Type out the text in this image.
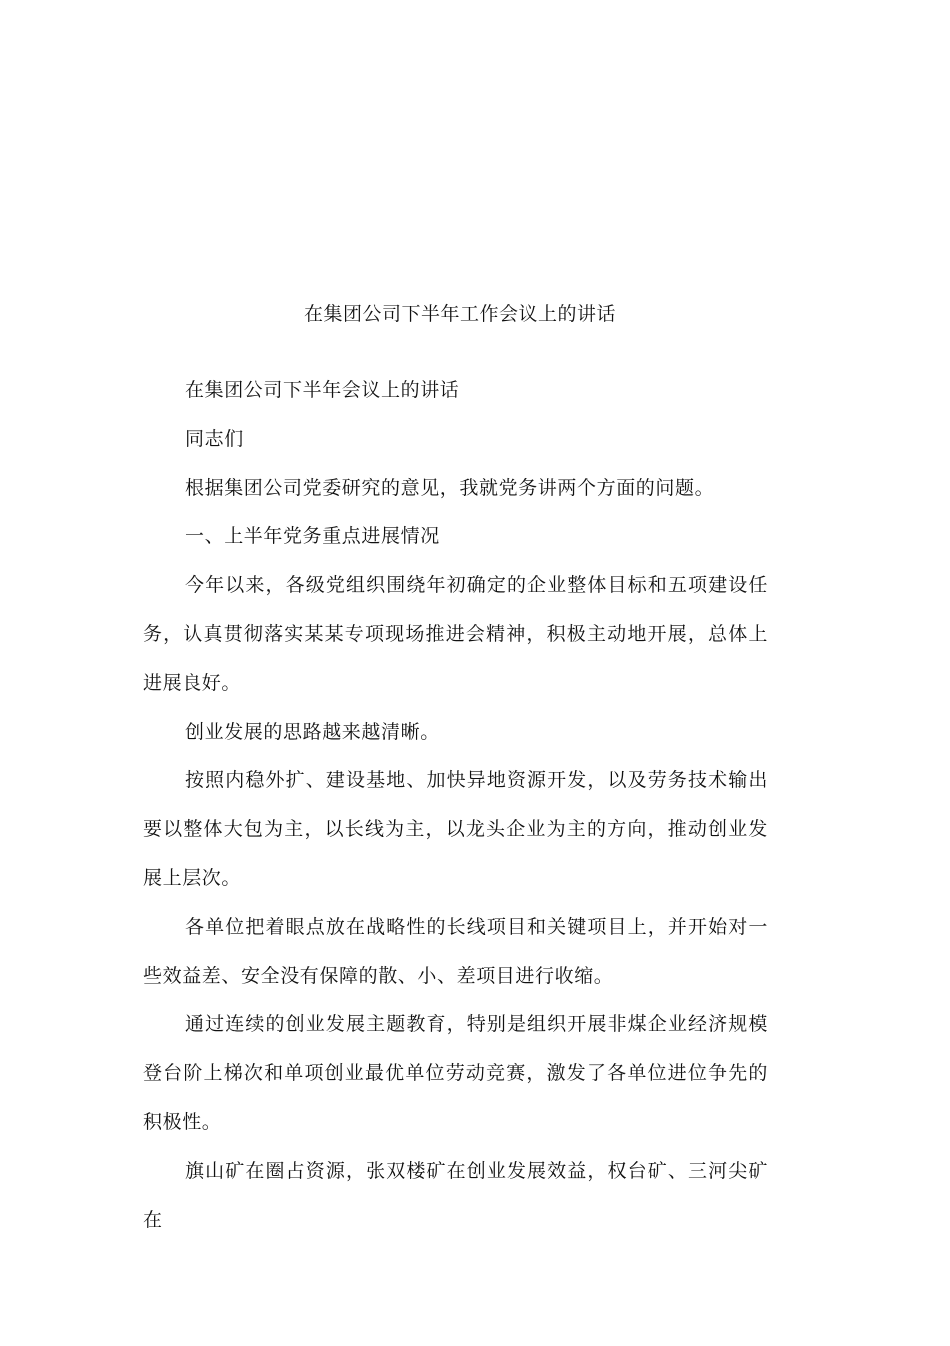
在集团公司下半年工作会议上的讲话

在集团公司下半年会议上的讲话

同志们

根据集团公司党委研究的意见，我就党务讲两个方面的问题。

一、上半年党务重点进展情况

今年以来，各级党组织围绕年初确定的企业整体目标和五项建设任务，认真贯彻落实某某专项现场推进会精神，积极主动地开展，总体上进展良好。

创业发展的思路越来越清晰。

按照内稳外扩、建设基地、加快异地资源开发，以及劳务技术输出要以整体大包为主，以长线为主，以龙头企业为主的方向，推动创业发展上层次。

各单位把着眼点放在战略性的长线项目和关键项目上，并开始对一些效益差、安全没有保障的散、小、差项目进行收缩。

通过连续的创业发展主题教育，特别是组织开展非煤企业经济规模登台阶上梯次和单项创业最优单位劳动竞赛，激发了各单位进位争先的积极性。

旗山矿在圈占资源，张双楼矿在创业发展效益，权台矿、三河尖矿在
